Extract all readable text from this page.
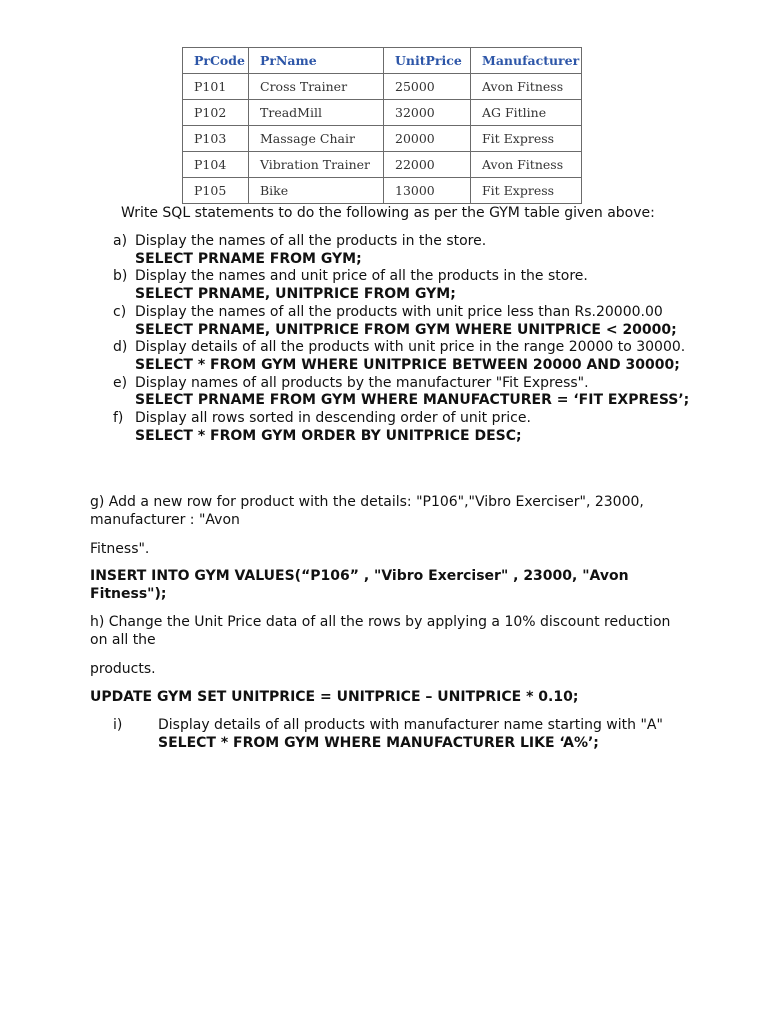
PrCode	PrName	UnitPrice	Manufacturer
P101	Cross Trainer	25000	Avon Fitness
P102	TreadMill	32000	AG Fitline
P103	Massage Chair	20000	Fit Express
P104	Vibration Trainer	22000	Avon Fitness
P105	Bike	13000	Fit Express
Write SQL statements to do the following as per the GYM table given above:
a) Display the names of all the products in the store.
SELECT PRNAME FROM GYM;
b) Display the names and unit price of all the products in the store.
SELECT PRNAME, UNITPRICE FROM GYM;
c) Display the names of all the products with unit price less than Rs.20000.00
SELECT PRNAME, UNITPRICE FROM GYM WHERE UNITPRICE < 20000;
d) Display details of all the products with unit price in the range 20000 to 30000.
SELECT * FROM GYM WHERE UNITPRICE BETWEEN 20000 AND 30000;
e) Display names of all products by the manufacturer "Fit Express".
SELECT PRNAME FROM GYM WHERE MANUFACTURER = ‘FIT EXPRESS’;
f) Display all rows sorted in descending order of unit price.
SELECT * FROM GYM ORDER BY UNITPRICE DESC;
g) Add a new row for product with the details: "P106","Vibro Exerciser", 23000, manufacturer : "Avon
Fitness".
INSERT INTO GYM VALUES(“P106” , "Vibro Exerciser" , 23000, "Avon Fitness");
h) Change the Unit Price data of all the rows by applying a 10% discount reduction on all the
products.
UPDATE GYM SET UNITPRICE = UNITPRICE – UNITPRICE * 0.10;
i)	Display details of all products with manufacturer name starting with "A"
SELECT * FROM GYM WHERE MANUFACTURER LIKE ‘A%’;
